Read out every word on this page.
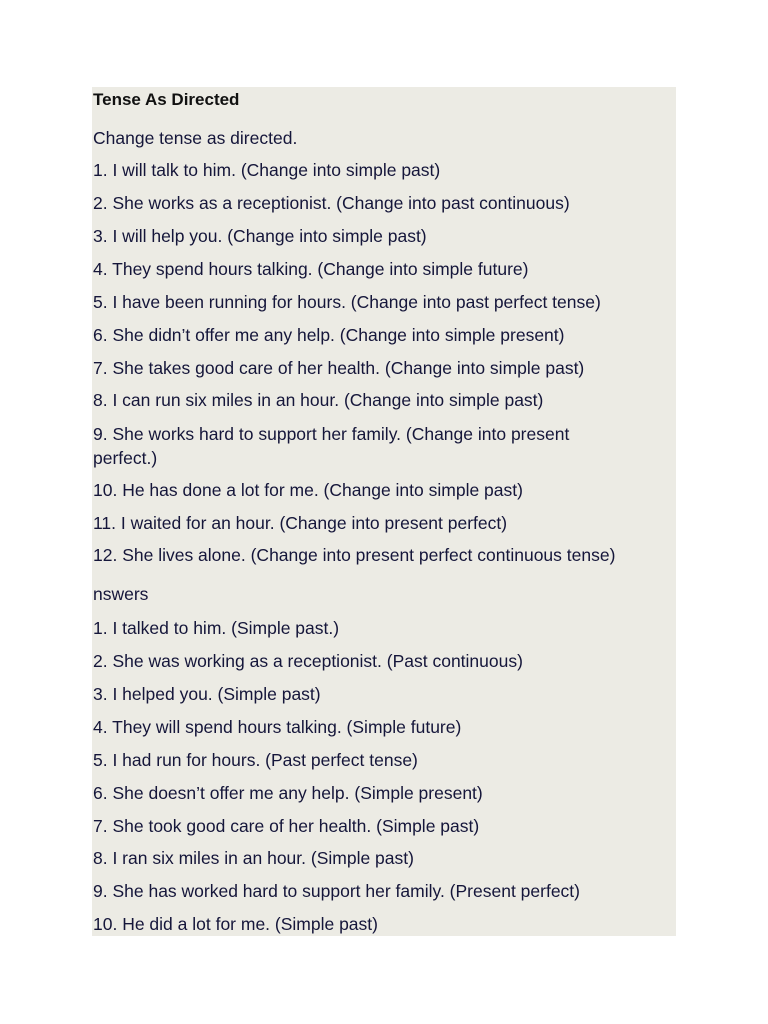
Tense As Directed
Change tense as directed.
1. I will talk to him. (Change into simple past)
2. She works as a receptionist. (Change into past continuous)
3. I will help you. (Change into simple past)
4. They spend hours talking. (Change into simple future)
5. I have been running for hours. (Change into past perfect tense)
6. She didn’t offer me any help. (Change into simple present)
7. She takes good care of her health. (Change into simple past)
8. I can run six miles in an hour. (Change into simple past)
9. She works hard to support her family. (Change into present
perfect.)
10. He has done a lot for me. (Change into simple past)
11. I waited for an hour. (Change into present perfect)
12. She lives alone. (Change into present perfect continuous tense)
nswers
1. I talked to him. (Simple past.)
2. She was working as a receptionist. (Past continuous)
3. I helped you. (Simple past)
4. They will spend hours talking. (Simple future)
5. I had run for hours. (Past perfect tense)
6. She doesn’t offer me any help. (Simple present)
7. She took good care of her health. (Simple past)
8. I ran six miles in an hour. (Simple past)
9. She has worked hard to support her family. (Present perfect)
10. He did a lot for me. (Simple past)
